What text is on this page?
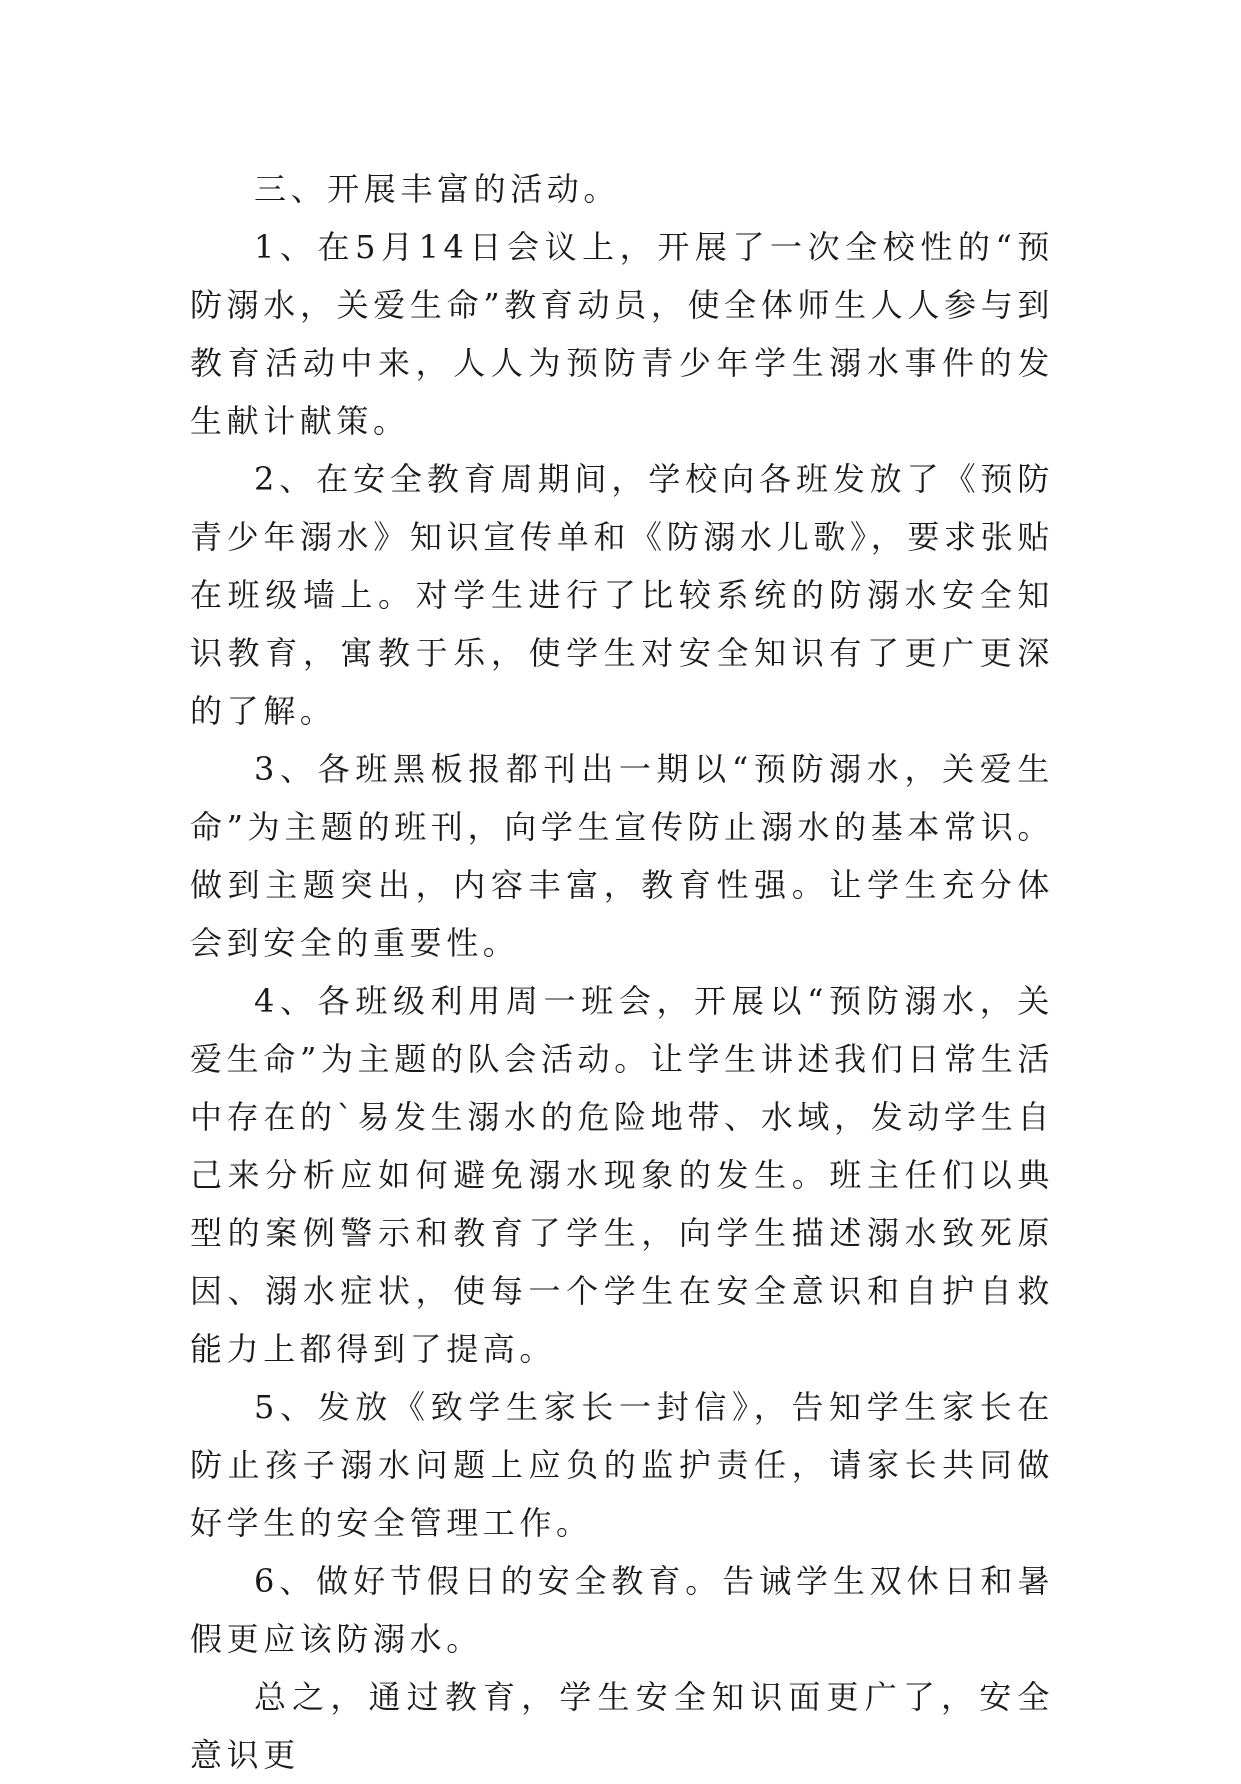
三、开展丰富的活动。

1、在5月14日会议上，开展了一次全校性的“预防溺水，关爱生命”教育动员，使全体师生人人参与到教育活动中来，人人为预防青少年学生溺水事件的发生献计献策。

2、在安全教育周期间，学校向各班发放了《预防青少年溺水》知识宣传单和《防溺水儿歌》，要求张贴在班级墙上。对学生进行了比较系统的防溺水安全知识教育，寓教于乐，使学生对安全知识有了更广更深的了解。

3、各班黑板报都刊出一期以“预防溺水，关爱生命”为主题的班刊，向学生宣传防止溺水的基本常识。做到主题突出，内容丰富，教育性强。让学生充分体会到安全的重要性。

4、各班级利用周一班会，开展以“预防溺水，关爱生命”为主题的队会活动。让学生讲述我们日常生活中存在的`易发生溺水的危险地带、水域，发动学生自己来分析应如何避免溺水现象的发生。班主任们以典型的案例警示和教育了学生，向学生描述溺水致死原因、溺水症状，使每一个学生在安全意识和自护自救能力上都得到了提高。

5、发放《致学生家长一封信》，告知学生家长在防止孩子溺水问题上应负的监护责任，请家长共同做好学生的安全管理工作。

6、做好节假日的安全教育。告诫学生双休日和暑假更应该防溺水。

总之，通过教育，学生安全知识面更广了，安全意识更
